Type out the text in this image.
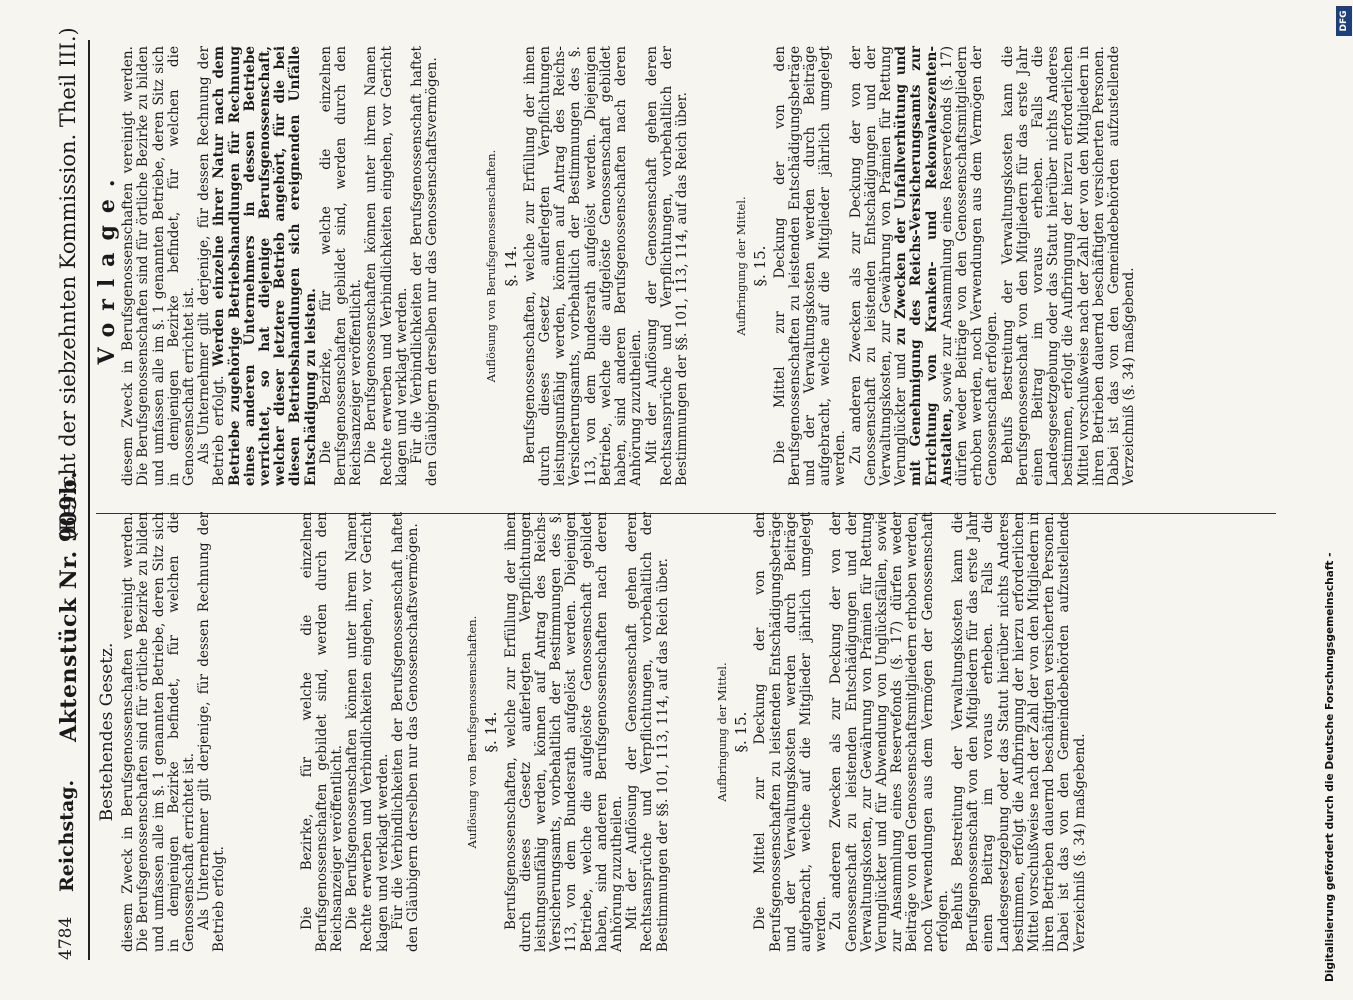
4784
Reichstag.
Aktenstück Nr. 909b.
(Bericht der siebzehnten Kommission. Theil III.)
Bestehendes Gesetz. diesem Zweck in Berufsgenossenschaften vereinigt werden. Die Berufsgenossenschaften sind für örtliche Bezirke zu bilden und umfassen alle im §. 1 genannten Betriebe, deren Sitz sich in demjenigen Bezirke befindet, für welchen die Genossenschaft errichtet ist. Als Unternehmer gilt derjenige, für dessen Rechnung der Betrieb erfolgt.	Die Bezirke, für welche die einzelnen Berufsgenossenschaften gebildet sind, werden durch den Reichsanzeiger veröffentlicht. Die Berufsgenossenschaften können unter ihrem Namen Rechte erwerben und Verbindlichkeiten eingehen, vor Gericht klagen und verklagt werden. Für die Verbindlichkeiten der Berufsgenossenschaft haftet den Gläubigern derselben nur das Genossenschaftsvermögen.	Auflösung von Berufsgenossenschaften. §. 14. Berufsgenossenschaften, welche zur Erfüllung der ihnen durch dieses Gesetz auferlegten Verpflichtungen leistungsunfähig werden, können auf Antrag des Reichs-Versicherungsamts, vorbehaltlich der Bestimmungen des §. 113, von dem Bundesrath aufgelöst werden. Diejenigen Betriebe, welche die aufgelöste Genossenschaft gebildet haben, sind anderen Berufsgenossenschaften nach deren Anhörung zuzutheilen. Mit der Auflösung der Genossenschaft gehen deren Rechtsansprüche und Verpflichtungen, vorbehaltlich der Bestimmungen der §§. 101, 113, 114, auf das Reich über.	Aufbringung der Mittel. §. 15. Die Mittel zur Deckung der von den Berufsgenossenschaften zu leistenden Entschädigungsbeträge und der Verwaltungskosten werden durch Beiträge aufgebracht, welche auf die Mitglieder jährlich umgelegt werden. Zu anderen Zwecken als zur Deckung der von der Genossenschaft zu leistenden Entschädigungen und der Verwaltungskosten, zur Gewährung von Prämien für Rettung Verunglückter und für Abwendung von Unglücksfällen, sowie zur Ansammlung eines Reservefonds (§. 17) dürfen weder Beiträge von den Genossenschaftsmitgliedern erhoben werden, noch Verwendungen aus dem Vermögen der Genossenschaft erfolgen. Behufs Bestreitung der Verwaltungskosten kann die Berufsgenossenschaft von den Mitgliedern für das erste Jahr einen Beitrag im voraus erheben. Falls die Landesgesetzgebung oder das Statut hierüber nichts Anderes bestimmen, erfolgt die Aufbringung der hierzu erforderlichen Mittel vorschußweise nach der Zahl der von den Mitgliedern in ihren Betrieben dauernd beschäftigten versicherten Personen. Dabei ist das von den Gemeindebehörden aufzustellende Verzeichniß (§. 34) maßgebend.

Vorlage. diesem Zweck in Berufsgenossenschaften vereinigt werden. Die Berufsgenossenschaften sind für örtliche Bezirke zu bilden und umfassen alle im §. 1 genannten Betriebe, deren Sitz sich in demjenigen Bezirke befindet, für welchen die Genossenschaft errichtet ist. Als Unternehmer gilt derjenige, für dessen Rechnung der Betrieb erfolgt. Werden einzelne ihrer Natur nach dem Betriebe zugehörige Betriebshandlungen für Rechnung eines anderen Unternehmers in dessen Betriebe verrichtet, so hat diejenige Berufsgenossenschaft, welcher dieser letztere Betrieb angehört, für die bei diesen Betriebshandlungen sich ereignenden Unfälle Entschädigung zu leisten. Die Bezirke, für welche die einzelnen Berufsgenossenschaften gebildet sind, werden durch den Reichsanzeiger veröffentlicht. Die Berufsgenossenschaften können unter ihrem Namen Rechte erwerben und Verbindlichkeiten eingehen, vor Gericht klagen und verklagt werden. Für die Verbindlichkeiten der Berufsgenossenschaft haftet den Gläubigern derselben nur das Genossenschaftsvermögen.	Auflösung von Berufsgenossenschaften. §. 14. Berufsgenossenschaften, welche zur Erfüllung der ihnen durch dieses Gesetz auferlegten Verpflichtungen leistungsunfähig werden, können auf Antrag des Reichs-Versicherungsamts, vorbehaltlich der Bestimmungen des §. 113, von dem Bundesrath aufgelöst werden. Diejenigen Betriebe, welche die aufgelöste Genossenschaft gebildet haben, sind anderen Berufsgenossenschaften nach deren Anhörung zuzutheilen. Mit der Auflösung der Genossenschaft gehen deren Rechtsansprüche und Verpflichtungen, vorbehaltlich der Bestimmungen der §§. 101, 113, 114, auf das Reich über.	Aufbringung der Mittel. §. 15. Die Mittel zur Deckung der von den Berufsgenossenschaften zu leistenden Entschädigungsbeträge und der Verwaltungskosten werden durch Beiträge aufgebracht, welche auf die Mitglieder jährlich umgelegt werden. Zu anderen Zwecken als zur Deckung der von der Genossenschaft zu leistenden Entschädigungen und der Verwaltungskosten, zur Gewährung von Prämien für Rettung Verunglückter und zu Zwecken der Unfallverhütung und mit Genehmigung des Reichs-Versicherungsamts zur Errichtung von Kranken- und Rekonvaleszenten-Anstalten, sowie zur Ansammlung eines Reservefonds (§. 17) dürfen weder Beiträge von den Genossenschaftsmitgliedern erhoben werden, noch Verwendungen aus dem Vermögen der Genossenschaft erfolgen. Behufs Bestreitung der Verwaltungskosten kann die Berufsgenossenschaft von den Mitgliedern für das erste Jahr einen Beitrag im voraus erheben. Falls die Landesgesetzgebung oder das Statut hierüber nichts Anderes bestimmen, erfolgt die Aufbringung der hierzu erforderlichen Mittel vorschußweise nach der Zahl der von den Mitgliedern in ihren Betrieben dauernd beschäftigten versicherten Personen. Dabei ist das von den Gemeindebehörden aufzustellende Verzeichniß (§. 34) maßgebend.

Digitalisierung gefördert durch die Deutsche Forschungsgemeinschaft -
DFG
